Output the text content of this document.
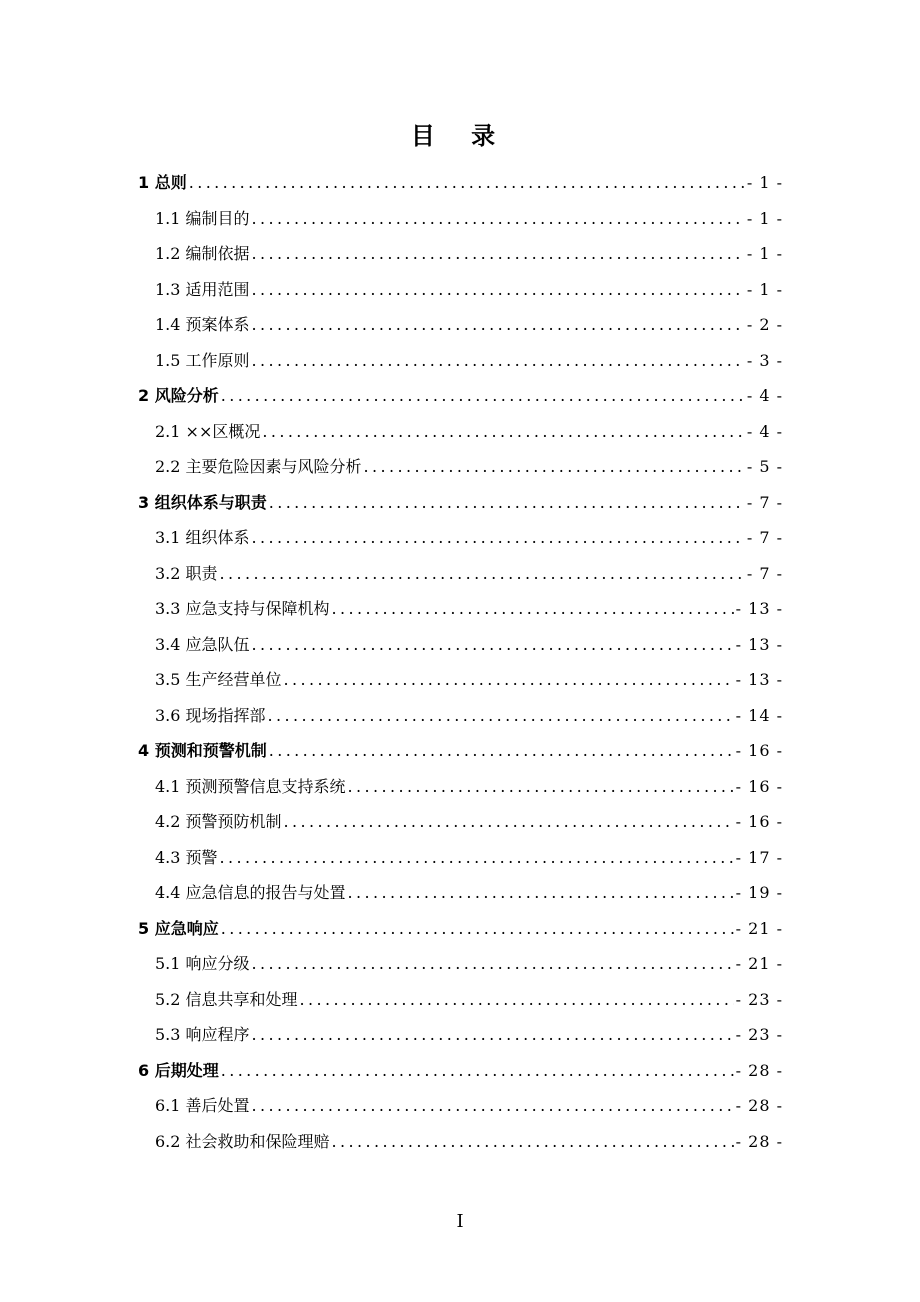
目 录
1 总则 .....	- 1 -
1.1 编制目的 .....	- 1 -
1.2 编制依据 .....	- 1 -
1.3 适用范围 .....	- 1 -
1.4 预案体系 .....	- 2 -
1.5 工作原则 .....	- 3 -
2 风险分析 .....	- 4 -
2.1 ××区概况 .....	- 4 -
2.2 主要危险因素与风险分析 .....	- 5 -
3 组织体系与职责 .....	- 7 -
3.1 组织体系 .....	- 7 -
3.2 职责 .....	- 7 -
3.3 应急支持与保障机构 .....	- 13 -
3.4 应急队伍 .....	- 13 -
3.5 生产经营单位 .....	- 13 -
3.6 现场指挥部 .....	- 14 -
4 预测和预警机制 .....	- 16 -
4.1 预测预警信息支持系统 .....	- 16 -
4.2 预警预防机制 .....	- 16 -
4.3 预警 .....	- 17 -
4.4 应急信息的报告与处置 .....	- 19 -
5 应急响应 .....	- 21 -
5.1 响应分级 .....	- 21 -
5.2 信息共享和处理 .....	- 23 -
5.3 响应程序 .....	- 23 -
6 后期处理 .....	- 28 -
6.1 善后处置 .....	- 28 -
6.2 社会救助和保险理赔 .....	- 28 -
I
